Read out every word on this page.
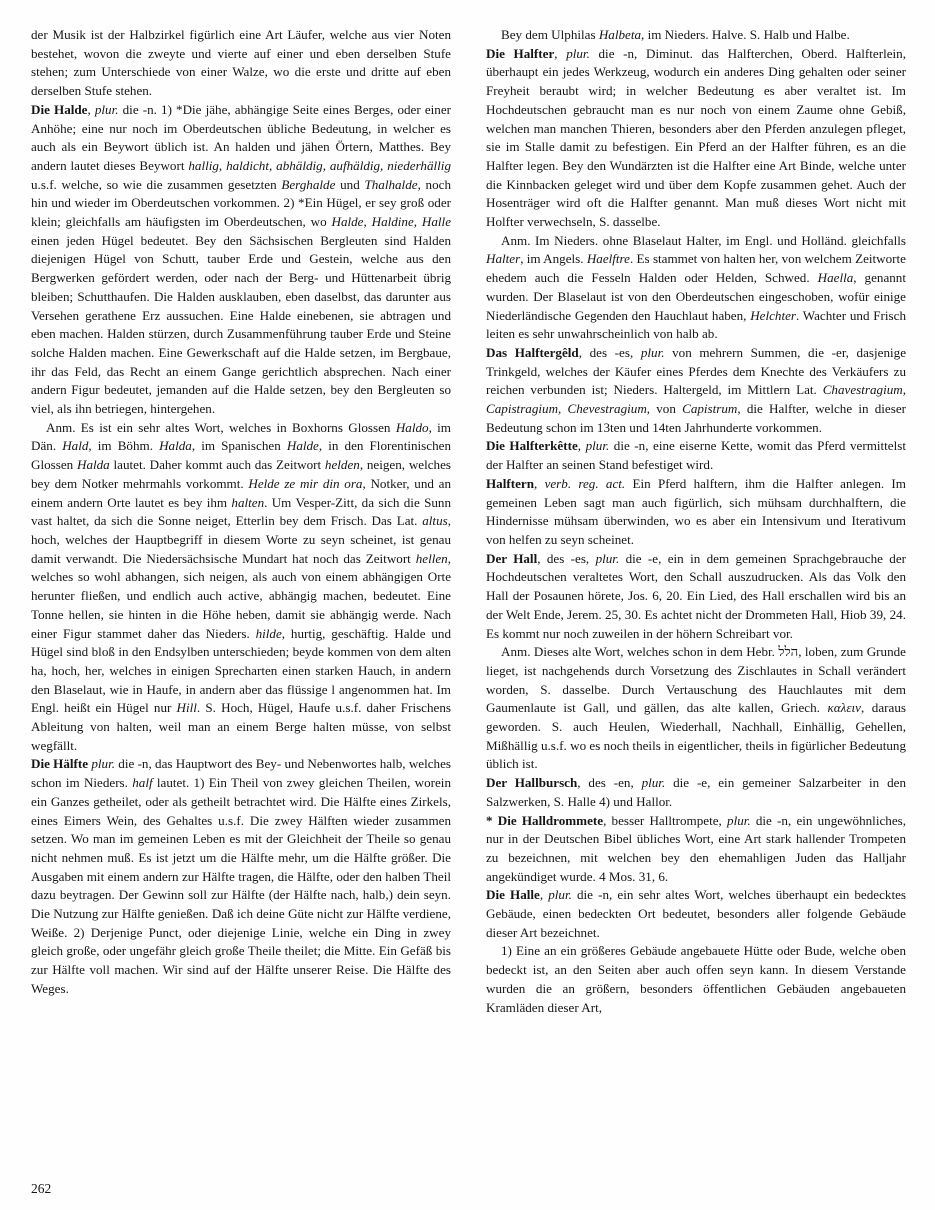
der Musik ist der Halbzirkel figürlich eine Art Läufer, welche aus vier Noten bestehet, wovon die zweyte und vierte auf einer und eben derselben Stufe stehen; zum Unterschiede von einer Walze, wo die erste und dritte auf eben derselben Stufe stehen.

Die Halde, plur. die -n. 1) *Die jähe, abhängige Seite eines Berges, oder einer Anhöhe; eine nur noch im Oberdeutschen übliche Bedeutung, in welcher es auch als ein Beywort üblich ist. An halden und jähen Örtern, Matthes. Bey andern lautet dieses Beywort hallig, haldicht, abhäldig, aufhäldig, niederhällig u.s.f. welche, so wie die zusammen gesetzten Berghalde und Thalhalde, noch hin und wieder im Oberdeutschen vorkommen. 2) *Ein Hügel, er sey groß oder klein; gleichfalls am häufigsten im Oberdeutschen, wo Halde, Haldine, Halle einen jeden Hügel bedeutet. Bey den Sächsischen Bergleuten sind Halden diejenigen Hügel von Schutt, tauber Erde und Gestein, welche aus den Bergwerken gefördert werden, oder nach der Berg- und Hüttenarbeit übrig bleiben; Schutthaufen. Die Halden ausklauben, eben daselbst, das darunter aus Versehen gerathene Erz aussuchen. Eine Halde einebenen, sie abtragen und eben machen. Halden stürzen, durch Zusammenführung tauber Erde und Steine solche Halden machen. Eine Gewerkschaft auf die Halde setzen, im Bergbaue, ihr das Feld, das Recht an einem Gange gerichtlich absprechen. Nach einer andern Figur bedeutet, jemanden auf die Halde setzen, bey den Bergleuten so viel, als ihn betriegen, hintergehen.

Anm. Es ist ein sehr altes Wort, welches in Boxhorns Glossen Haldo, im Dän. Hald, im Böhm. Halda, im Spanischen Halde, in den Florentinischen Glossen Halda lautet. Daher kommt auch das Zeitwort helden, neigen, welches bey dem Notker mehrmahls vorkommt. Helde ze mir din ora, Notker, und an einem andern Orte lautet es bey ihm halten. Um Vesper-Zitt, da sich die Sunn vast haltet, da sich die Sonne neiget, Etterlin bey dem Frisch. Das Lat. altus, hoch, welches der Hauptbegriff in diesem Worte zu seyn scheinet, ist genau damit verwandt. Die Niedersächsische Mundart hat noch das Zeitwort hellen, welches so wohl abhangen, sich neigen, als auch von einem abhängigen Orte herunter fließen, und endlich auch active, abhängig machen, bedeutet. Eine Tonne hellen, sie hinten in die Höhe heben, damit sie abhängig werde. Nach einer Figur stammet daher das Nieders. hilde, hurtig, geschäftig. Halde und Hügel sind bloß in den Endsylben unterschieden; beyde kommen von dem alten ha, hoch, her, welches in einigen Sprecharten einen starken Hauch, in andern den Blaselaut, wie in Haufe, in andern aber das flüssige l angenommen hat. Im Engl. heißt ein Hügel nur Hill. S. Hoch, Hügel, Haufe u.s.f. daher Frischens Ableitung von halten, weil man an einem Berge halten müsse, von selbst wegfällt.

Die Hälfte plur. die -n, das Hauptwort des Bey- und Nebenwortes halb, welches schon im Nieders. half lautet. 1) Ein Theil von zwey gleichen Theilen, worein ein Ganzes getheilet, oder als getheilt betrachtet wird. Die Hälfte eines Zirkels, eines Eimers Wein, des Gehaltes u.s.f. Die zwey Hälften wieder zusammen setzen. Wo man im gemeinen Leben es mit der Gleichheit der Theile so genau nicht nehmen muß. Es ist jetzt um die Hälfte mehr, um die Hälfte größer. Die Ausgaben mit einem andern zur Hälfte tragen, die Hälfte, oder den halben Theil dazu beytragen. Der Gewinn soll zur Hälfte (der Hälfte nach, halb,) dein seyn. Die Nutzung zur Hälfte genießen. Daß ich deine Güte nicht zur Hälfte verdiene, Weiße. 2) Derjenige Punct, oder diejenige Linie, welche ein Ding in zwey gleich große, oder ungefähr gleich große Theile theilet; die Mitte. Ein Gefäß bis zur Hälfte voll machen. Wir sind auf der Hälfte unserer Reise. Die Hälfte des Weges.

Bey dem Ulphilas Halbeta, im Nieders. Halve. S. Halb und Halbe.

Die Halfter, plur. die -n, Diminut. das Halfterchen, Oberd. Halfterlein, überhaupt ein jedes Werkzeug, wodurch ein anderes Ding gehalten oder seiner Freyheit beraubt wird; in welcher Bedeutung es aber veraltet ist. Im Hochdeutschen gebraucht man es nur noch von einem Zaume ohne Gebiß, welchen man manchen Thieren, besonders aber den Pferden anzulegen pfleget, sie im Stalle damit zu befestigen. Ein Pferd an der Halfter führen, es an die Halfter legen. Bey den Wundärzten ist die Halfter eine Art Binde, welche unter die Kinnbacken geleget wird und über dem Kopfe zusammen gehet. Auch der Hosenträger wird oft die Halfter genannt. Man muß dieses Wort nicht mit Holfter verwechseln, S. dasselbe.

Anm. Im Nieders. ohne Blaselaut Halter, im Engl. und Holländ. gleichfalls Halter, im Angels. Haelftre. Es stammet von halten her, von welchem Zeitworte ehedem auch die Fesseln Halden oder Helden, Schwed. Haella, genannt wurden. Der Blaselaut ist von den Oberdeutschen eingeschoben, wofür einige Niederländische Gegenden den Hauchlaut haben, Helchter. Wachter und Frisch leiten es sehr unwahrscheinlich von halb ab.

Das Halftergêld, des -es, plur. von mehrern Summen, die -er, dasjenige Trinkgeld, welches der Käufer eines Pferdes dem Knechte des Verkäufers zu reichen verbunden ist; Nieders. Haltergeld, im Mittlern Lat. Chavestragium, Capistragium, Chevestragium, von Capistrum, die Halfter, welche in dieser Bedeutung schon im 13ten und 14ten Jahrhunderte vorkommen.

Die Halfterkêtte, plur. die -n, eine eiserne Kette, womit das Pferd vermittelst der Halfter an seinen Stand befestiget wird.

Halftern, verb. reg. act. Ein Pferd halftern, ihm die Halfter anlegen. Im gemeinen Leben sagt man auch figürlich, sich mühsam durchhalftern, die Hindernisse mühsam überwinden, wo es aber ein Intensivum und Iterativum von helfen zu seyn scheinet.

Der Hall, des -es, plur. die -e, ein in dem gemeinen Sprachgebrauche der Hochdeutschen veraltetes Wort, den Schall auszudrucken. Als das Volk den Hall der Posaunen hörete, Jos. 6, 20. Ein Lied, des Hall erschallen wird bis an der Welt Ende, Jerem. 25, 30. Es achtet nicht der Drommeten Hall, Hiob 39, 24. Es kommt nur noch zuweilen in der höhern Schreibart vor.

Anm. Dieses alte Wort, welches schon in dem Hebr. הלל, loben, zum Grunde lieget, ist nachgehends durch Vorsetzung des Zischlautes in Schall verändert worden, S. dasselbe. Durch Vertauschung des Hauchlautes mit dem Gaumenlaute ist Gall, und gällen, das alte kallen, Griech. καλειν, daraus geworden. S. auch Heulen, Wiederhall, Nachhall, Einhällig, Gehellen, Mißhällig u.s.f. wo es noch theils in eigentlicher, theils in figürlicher Bedeutung üblich ist.

Der Hallbursch, des -en, plur. die -e, ein gemeiner Salzarbeiter in den Salzwerken, S. Halle 4) und Hallor.

* Die Halldrommete, besser Halltrompete, plur. die -n, ein ungewöhnliches, nur in der Deutschen Bibel übliches Wort, eine Art stark hallender Trompeten zu bezeichnen, mit welchen bey den ehemahligen Juden das Halljahr angekündiget wurde. 4 Mos. 31, 6.

Die Halle, plur. die -n, ein sehr altes Wort, welches überhaupt ein bedecktes Gebäude, einen bedeckten Ort bedeutet, besonders aller folgende Gebäude dieser Art bezeichnet.

1) Eine an ein größeres Gebäude angebauete Hütte oder Bude, welche oben bedeckt ist, an den Seiten aber auch offen seyn kann. In diesem Verstande wurden die an größern, besonders öffentlichen Gebäuden angebaueten Kramläden dieser Art,

262
